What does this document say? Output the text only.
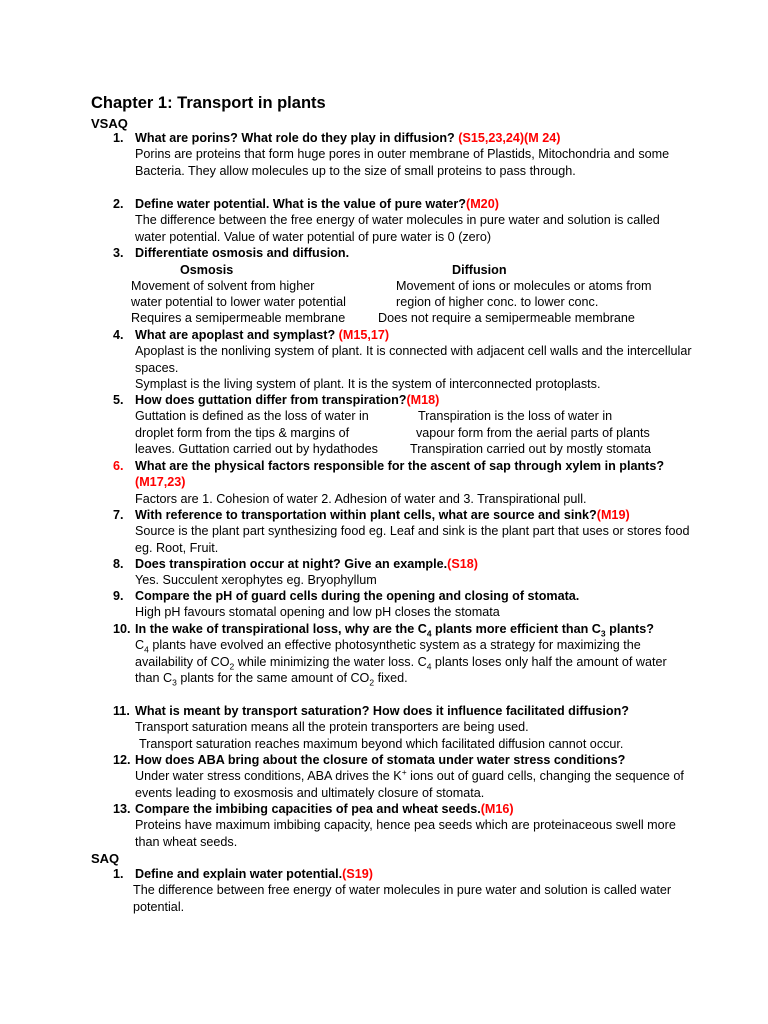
Chapter 1: Transport in plants
VSAQ
1. What are porins? What role do they play in diffusion? (S15,23,24)(M 24)
Porins are proteins that form huge pores in outer membrane of Plastids, Mitochondria and some Bacteria. They allow molecules up to the size of small proteins to pass through.
2. Define water potential. What is the value of pure water?(M20)
The difference between the free energy of water molecules in pure water and solution is called water potential. Value of water potential of pure water is 0 (zero)
3. Differentiate osmosis and diffusion.
Osmosis	Diffusion
Movement of solvent from higher	Movement of ions or molecules or atoms from
water potential to lower water potential	region of higher conc. to lower conc.
Requires a semipermeable membrane	Does not require a semipermeable membrane
4. What are apoplast and symplast? (M15,17)
Apoplast is the nonliving system of plant. It is connected with adjacent cell walls and the intercellular spaces.
Symplast is the living system of plant. It is the system of interconnected protoplasts.
5. How does guttation differ from transpiration?(M18)
Guttation is defined as the loss of water in	Transpiration is the loss of water in
droplet form from the tips & margins of	vapour form from the aerial parts of plants
leaves. Guttation carried out by hydathodes	Transpiration carried out by mostly stomata
6. What are the physical factors responsible for the ascent of sap through xylem in plants? (M17,23)
Factors are 1. Cohesion of water 2. Adhesion of water and 3. Transpirational pull.
7. With reference to transportation within plant cells, what are source and sink?(M19)
Source is the plant part synthesizing food eg. Leaf and sink is the plant part that uses or stores food eg. Root, Fruit.
8. Does transpiration occur at night? Give an example.(S18)
Yes. Succulent xerophytes eg. Bryophyllum
9. Compare the pH of guard cells during the opening and closing of stomata.
High pH favours stomatal opening and low pH closes the stomata
10. In the wake of transpirational loss, why are the $C_4$ plants more efficient than $C_3$ plants?
$C_4$ plants have evolved an effective photosynthetic system as a strategy for maximizing the availability of $CO_2$ while minimizing the water loss. $C_4$ plants loses only half the amount of water than $C_3$ plants for the same amount of $CO_2$ fixed.
11. What is meant by transport saturation? How does it influence facilitated diffusion?
Transport saturation means all the protein transporters are being used.
Transport saturation reaches maximum beyond which facilitated diffusion cannot occur.
12. How does ABA bring about the closure of stomata under water stress conditions?
Under water stress conditions, ABA drives the K+ ions out of guard cells, changing the sequence of events leading to exosmosis and ultimately closure of stomata.
13. Compare the imbibing capacities of pea and wheat seeds.(M16)
Proteins have maximum imbibing capacity, hence pea seeds which are proteinaceous swell more than wheat seeds.
SAQ
1. Define and explain water potential.(S19)
The difference between free energy of water molecules in pure water and solution is called water potential.
